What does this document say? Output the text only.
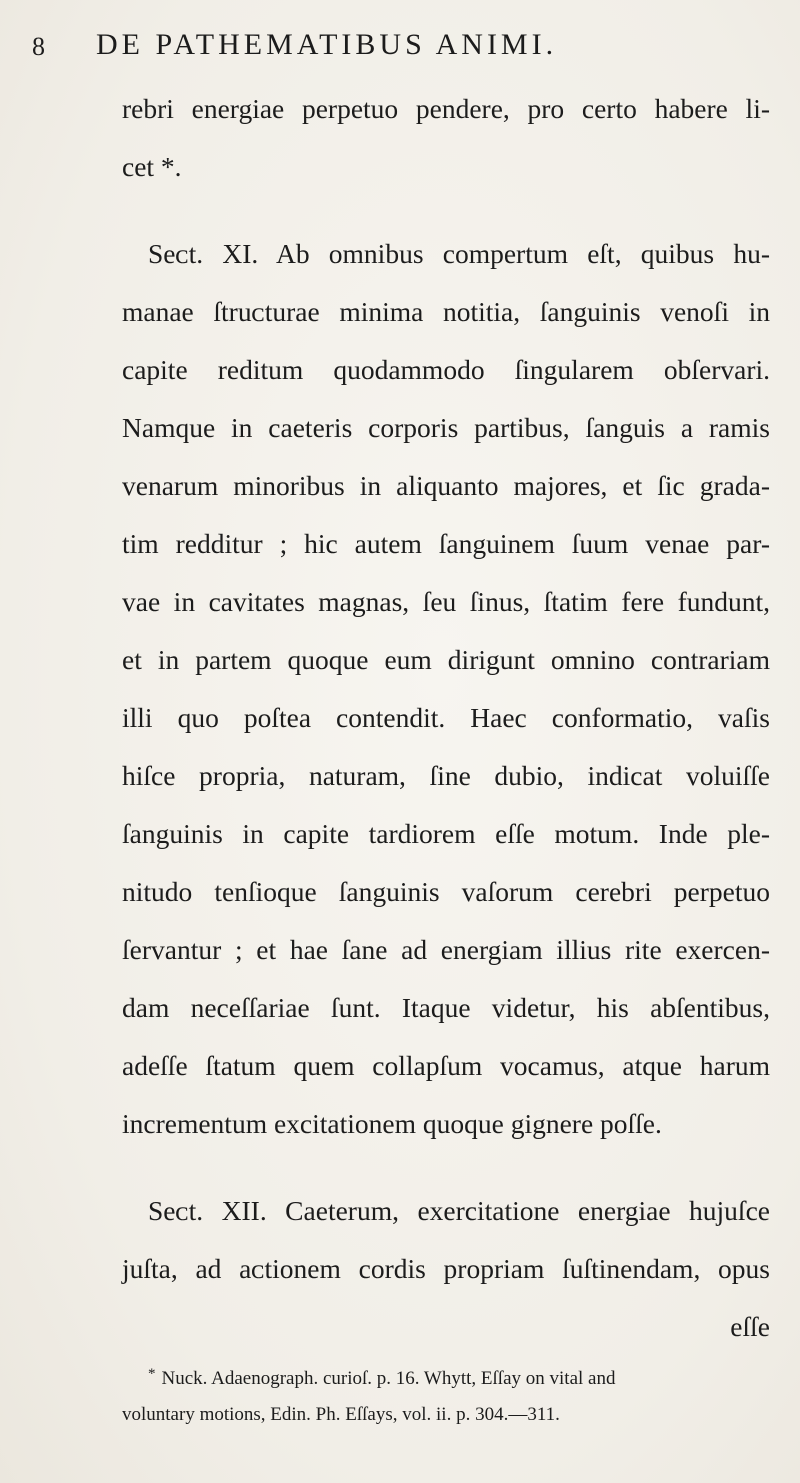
8 DE PATHEMATIBUS ANIMI.
rebri energiae perpetuo pendere, pro certo habere li-
cet *.
Seᴄt. XI. Ab omnibus compertum eſt, quibus hu-
manae ſtruᴄturae minima notitia, ſanguinis venoſi in
capite reditum quodammodo ſingularem obſervari.
Namque in caeteris corporis partibus, ſanguis a ramis
venarum minoribus in aliquanto majores, et ſic grada-
tim redditur ; hic autem ſanguinem ſuum venae par-
vae in cavitates magnas, ſeu ſinus, ſtatim fere fundunt,
et in partem quoque eum dirigunt omnino contrariam
illi quo poſtea contendit. Haec conformatio, vaſis
hiſce propria, naturam, ſine dubio, indicat voluiſſe
ſanguinis in capite tardiorem eſſe motum. Inde ple-
nitudo tenſioque ſanguinis vaſorum cerebri perpetuo
ſervantur ; et hae ſane ad energiam illius rite exercen-
dam neceſſariae ſunt. Itaque videtur, his abſentibus,
adeſſe ſtatum quem collapſum vocamus, atque harum
incrementum excitationem quoque gignere poſſe.
Seᴄt. XII. Caeterum, exercitatione energiae hujuſce
juſta, ad aᴄtionem cordis propriam ſuſtinendam, opus
eſſe
* Nuck. Adaenograph. curioſ. p. 16. Whytt, Eſſay on vital and
voluntary motions, Edin. Ph. Eſſays, vol. ii. p. 304.—311.
